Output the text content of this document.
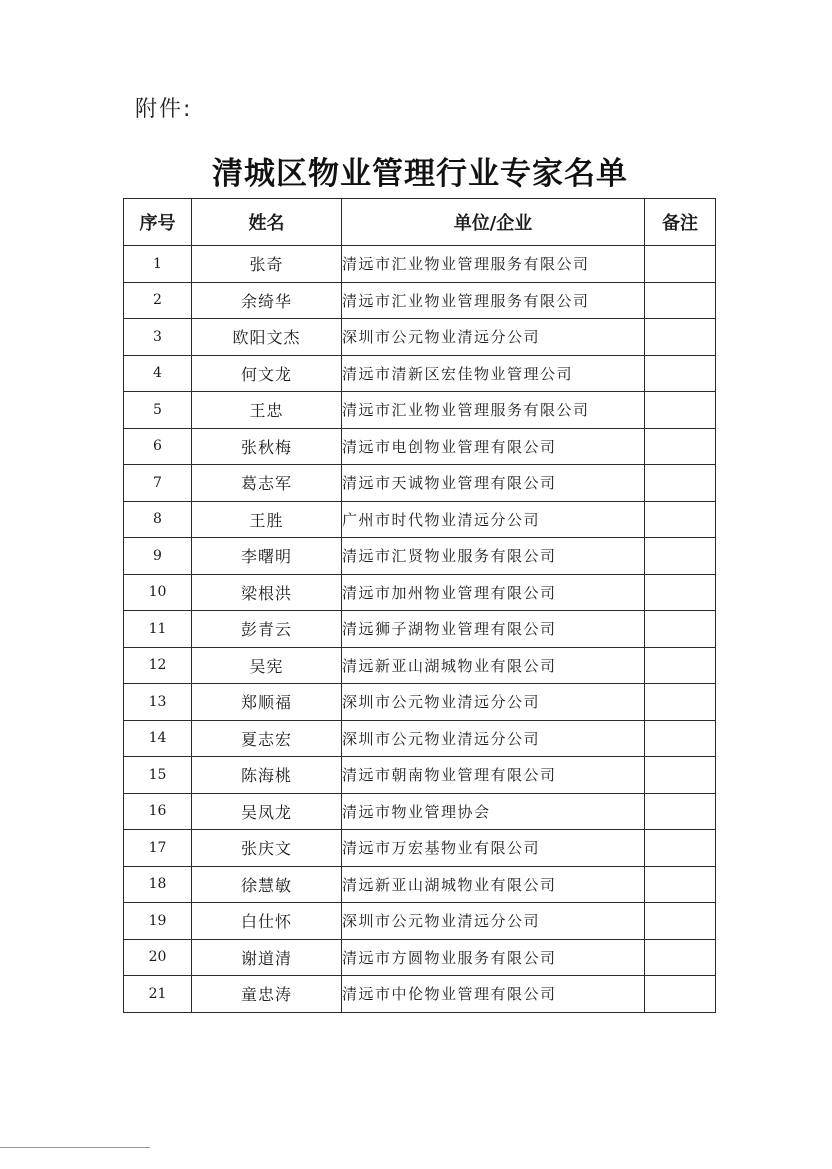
附件:
清城区物业管理行业专家名单
序号	姓名	单位/企业	备注
1	张奇	清远市汇业物业管理服务有限公司	
2	余绮华	清远市汇业物业管理服务有限公司	
3	欧阳文杰	深圳市公元物业清远分公司	
4	何文龙	清远市清新区宏佳物业管理公司	
5	王忠	清远市汇业物业管理服务有限公司	
6	张秋梅	清远市电创物业管理有限公司	
7	葛志军	清远市天诚物业管理有限公司	
8	王胜	广州市时代物业清远分公司	
9	李曙明	清远市汇贤物业服务有限公司	
10	梁根洪	清远市加州物业管理有限公司	
11	彭青云	清远狮子湖物业管理有限公司	
12	吴宪	清远新亚山湖城物业有限公司	
13	郑顺福	深圳市公元物业清远分公司	
14	夏志宏	深圳市公元物业清远分公司	
15	陈海桃	清远市朝南物业管理有限公司	
16	吴凤龙	清远市物业管理协会	
17	张庆文	清远市万宏基物业有限公司	
18	徐慧敏	清远新亚山湖城物业有限公司	
19	白仕怀	深圳市公元物业清远分公司	
20	谢道清	清远市方圆物业服务有限公司	
21	童忠涛	清远市中伦物业管理有限公司	
